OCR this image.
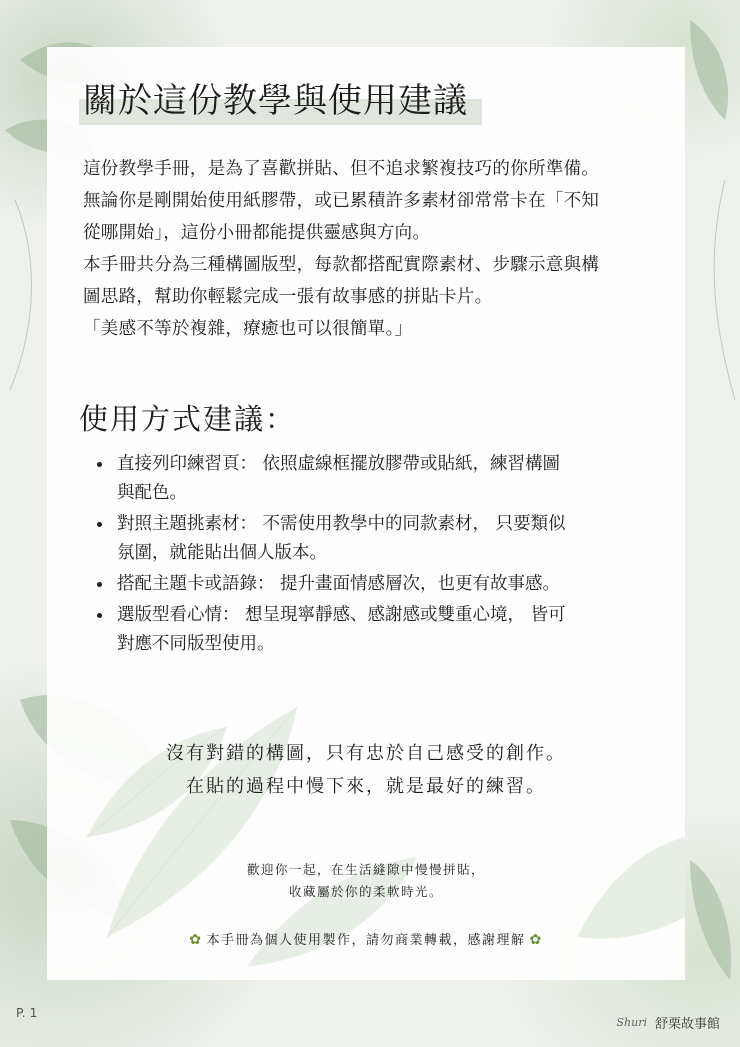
關於這份教學與使用建議

這份教學手冊，是為了喜歡拼貼、但不追求繁複技巧的你所準備。

無論你是剛開始使用紙膠帶，或已累積許多素材卻常常卡在「不知

從哪開始」，這份小冊都能提供靈感與方向。

本手冊共分為三種構圖版型，每款都搭配實際素材、步驟示意與構

圖思路，幫助你輕鬆完成一張有故事感的拼貼卡片。

「美感不等於複雜，療癒也可以很簡單。」

使用方式建議：
直接列印練習頁： 依照虛線框擺放膠帶或貼紙，練習構圖
與配色。
對照主題挑素材： 不需使用教學中的同款素材， 只要類似
氛圍，就能貼出個人版本。
搭配主題卡或語錄： 提升畫面情感層次，也更有故事感。
選版型看心情： 想呈現寧靜感、感謝感或雙重心境， 皆可
對應不同版型使用。
沒有對錯的構圖，只有忠於自己感受的創作。
在貼的過程中慢下來，就是最好的練習。
歡迎你一起，在生活縫隙中慢慢拼貼，
收藏屬於你的柔軟時光。
✿ 本手冊為個人使用製作，請勿商業轉載，感謝理解 ✿
P. 1
Shuri 舒栗故事館
